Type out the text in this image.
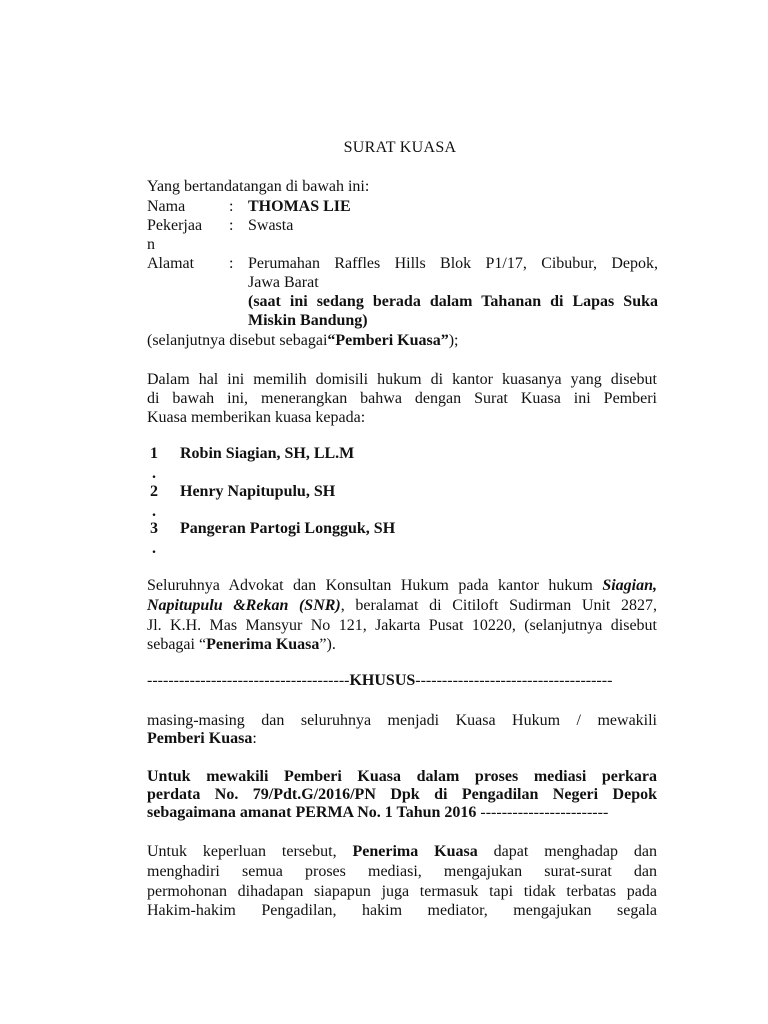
SURAT KUASA
Yang bertandatangan di bawah ini:
Nama	: THOMAS LIE
Pekerjaa
n
: Swasta
Alamat	: Perumahan Raffles Hills Blok P1/17, Cibubur, Depok,
Jawa Barat
(saat ini sedang berada dalam Tahanan di Lapas Suka
Miskin Bandung)
(selanjutnya disebut sebagai“Pemberi Kuasa”);
Dalam hal ini memilih domisili hukum di kantor kuasanya yang disebut
di bawah ini, menerangkan bahwa dengan Surat Kuasa ini Pemberi
Kuasa memberikan kuasa kepada:
1
.
Robin Siagian, SH, LL.M
2
.
Henry Napitupulu, SH
3
.
Pangeran Partogi Longguk, SH
Seluruhnya Advokat dan Konsultan Hukum pada kantor hukum Siagian,
Napitupulu &Rekan (SNR), beralamat di Citiloft Sudirman Unit 2827,
Jl. K.H. Mas Mansyur No 121, Jakarta Pusat 10220, (selanjutnya disebut
sebagai “Penerima Kuasa”).
--------------------------------------KHUSUS-------------------------------------
masing-masing dan seluruhnya menjadi Kuasa Hukum / mewakili
Pemberi Kuasa:
Untuk mewakili Pemberi Kuasa dalam proses mediasi perkara
perdata No. 79/Pdt.G/2016/PN Dpk di Pengadilan Negeri Depok
sebagaimana amanat PERMA No. 1 Tahun 2016 ------------------------
Untuk keperluan tersebut, Penerima Kuasa dapat menghadap dan
menghadiri semua proses mediasi, mengajukan surat-surat dan
permohonan dihadapan siapapun juga termasuk tapi tidak terbatas pada
Hakim-hakim Pengadilan, hakim mediator, mengajukan segala
